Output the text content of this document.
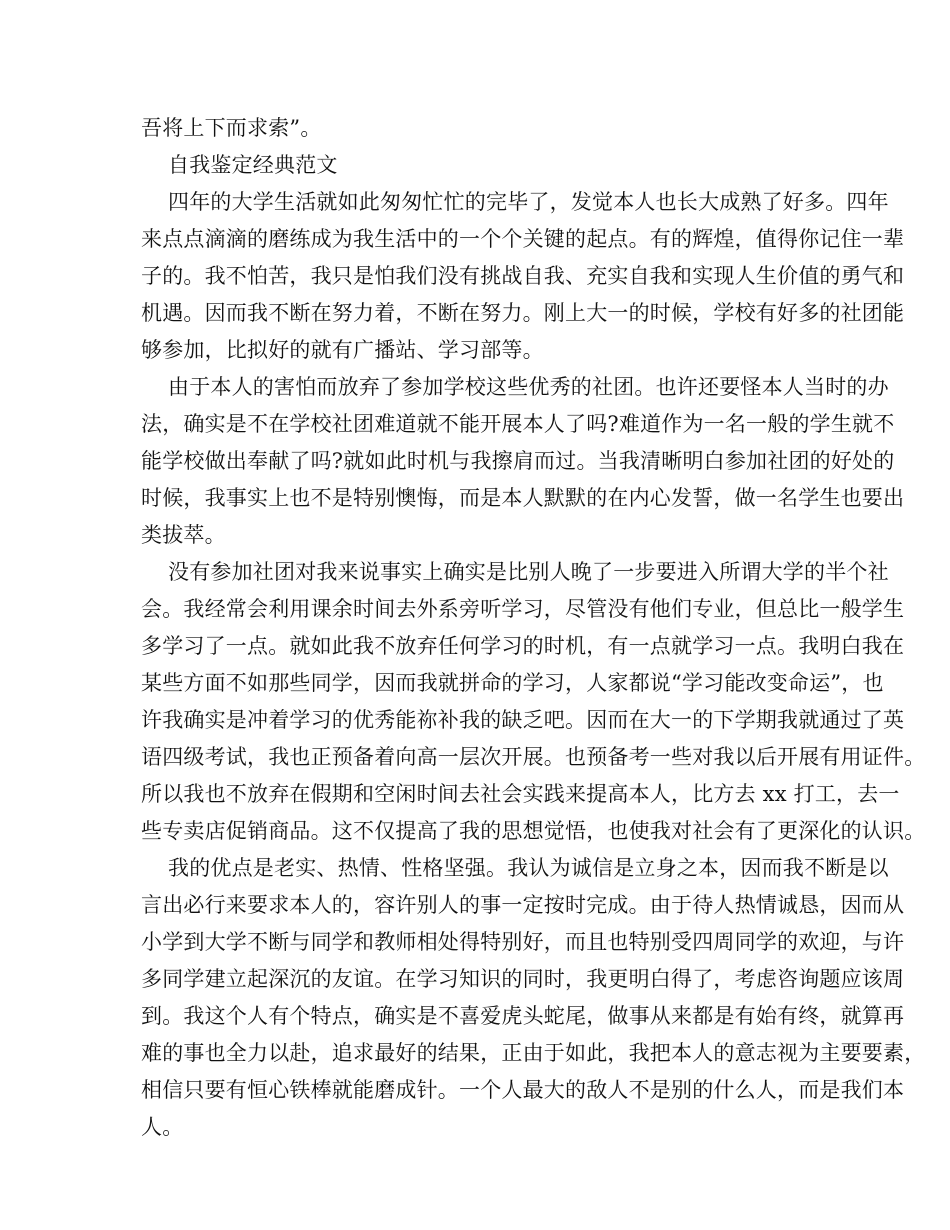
吾将上下而求索”。
自我鉴定经典范文
四年的大学生活就如此匆匆忙忙的完毕了，发觉本人也长大成熟了好多。四年
来点点滴滴的磨练成为我生活中的一个个关键的起点。有的辉煌，值得你记住一辈
子的。我不怕苦，我只是怕我们没有挑战自我、充实自我和实现人生价值的勇气和
机遇。因而我不断在努力着，不断在努力。刚上大一的时候，学校有好多的社团能
够参加，比拟好的就有广播站、学习部等。
由于本人的害怕而放弃了参加学校这些优秀的社团。也许还要怪本人当时的办
法，确实是不在学校社团难道就不能开展本人了吗?难道作为一名一般的学生就不
能学校做出奉献了吗?就如此时机与我擦肩而过。当我清晰明白参加社团的好处的
时候，我事实上也不是特别懊悔，而是本人默默的在内心发誓，做一名学生也要出
类拔萃。
没有参加社团对我来说事实上确实是比别人晚了一步要进入所谓大学的半个社
会。我经常会利用课余时间去外系旁听学习，尽管没有他们专业，但总比一般学生
多学习了一点。就如此我不放弃任何学习的时机，有一点就学习一点。我明白我在
某些方面不如那些同学，因而我就拼命的学习，人家都说“学习能改变命运”，也
许我确实是冲着学习的优秀能祢补我的缺乏吧。因而在大一的下学期我就通过了英
语四级考试，我也正预备着向高一层次开展。也预备考一些对我以后开展有用证件。
所以我也不放弃在假期和空闲时间去社会实践来提高本人，比方去 xx 打工，去一
些专卖店促销商品。这不仅提高了我的思想觉悟，也使我对社会有了更深化的认识。
我的优点是老实、热情、性格坚强。我认为诚信是立身之本，因而我不断是以
言出必行来要求本人的，容许别人的事一定按时完成。由于待人热情诚恳，因而从
小学到大学不断与同学和教师相处得特别好，而且也特别受四周同学的欢迎，与许
多同学建立起深沉的友谊。在学习知识的同时，我更明白得了，考虑咨询题应该周
到。我这个人有个特点，确实是不喜爱虎头蛇尾，做事从来都是有始有终，就算再
难的事也全力以赴，追求最好的结果，正由于如此，我把本人的意志视为主要要素，
相信只要有恒心铁棒就能磨成针。一个人最大的敌人不是别的什么人，而是我们本
人。
